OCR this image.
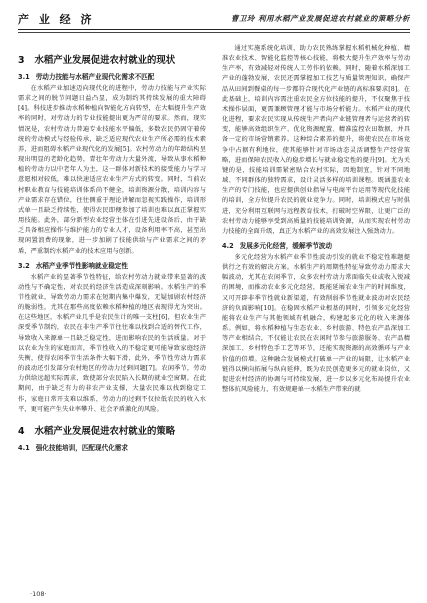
产 业 经 济	曹卫玲 利用水稻产业发展促进农村就业的策略分析
3 水稻产业发展促进农村就业的现状
3.1 劳动力技能与水稻产业现代化需求不匹配

在水稻产业加速迈向现代化的进程中，劳动力技能与产业实际需求之间的脱节问题日益凸显，成为制约其持续发展的重大障碍[4]。科技进步推动水稻种植向智能化方向转型，在大幅提升生产效率的同时，对劳动力的专业技能提出更为严苛的要求。然而，现实情况是，农村劳动力普遍专业技能水平偏低，多数农民仍固守着传统的劳动模式与经验传承，缺乏适应现代农业生产所必需的技术素养，进而阻碍水稻产业现代化的发展[5]。农村劳动力的年龄结构呈现出明显的老龄化趋势，青壮年劳动力大量外流，导致从事水稻种植的劳动力以中老年人为主，这一群体对新技术的接受能力与学习意愿相对较低，难以快速适应农业生产方式的转变。同时，当前农村职业教育与技能培训体系尚不健全，培训资源分散，培训内容与产业需求存在错位，往往侧重于理论讲解而忽视实践操作，培训形式单一且缺乏持续性，使得农民即便参加了培训也难以真正掌握实用技能。此外，部分新型农业经营主体在引进先进设备后，由于缺乏具备相应操作与维护能力的专业人才，设备利用率不高，甚至出现闲置浪费的现象，进一步加剧了技能供给与产业需求之间的矛盾，严重制约水稻产业的技术应用与创新。

3.2 水稻产业季节性影响就业稳定性

水稻产业的显著季节性特征，给农村劳动力就业带来显著的波动性与不确定性，对农民的经济生活造成深刻影响。水稻生产的季节性就业，导致劳动力需求在短期内集中爆发，无疑加剧农村经济的脆弱性，尤其在那些高度依赖水稻种植的地区表现得尤为突出。在这些地区，水稻产业几乎是农民生计的唯一支柱[6]，但农业生产深受季节制约，农民在非生产季节往往难以找到合适的替代工作，导致收入来源单一且缺乏稳定性，进而影响农民的生活质量。对于以农业为生的家庭而言，季节性收入的不稳定更可能导致家庭经济失衡，使得农闲季节生活条件大幅下滑，此外，季节性劳动力需求的波动还引发部分农村地区的劳动力过剩问题[7]。农闲季节，劳动力供给远超实际需求，致使部分农民陷入长期的就业空窗期。在此期间，由于缺乏有力的非农产业支撑，大量农民难以找到稳定工作，家庭日常开支难以维系，劳动力的过剩不仅拉低农民的收入水平，更可能产生失业率攀升、社会矛盾激化的风险。

4 水稻产业发展促进农村就业的策略
4.1 强化技能培训，匹配现代化需求

通过实施系统化培训，助力农民熟练掌握水稻机械化种植、精准农业技术、智能化监控等核心技能，将极大提升生产效率与劳动生产率，有效减轻对传统人工劳作的依赖。同时，随着水稻深加工产业的蓬勃发展，农民还需掌握加工技艺与质量管理知识，确保产品从田间到餐桌的每一步都符合现代化产业链的高标准要求[8]。在此基础上，培训内容需注重农民全方位技能的提升，不仅聚焦于技术操作层面，更需兼顾管理才能与市场分析能力。水稻产业的现代化进程，要求农民实现从传统生产者向产业链管理者与运营者的转变，能够高效组织生产、优化资源配置、精准监控农田数据，并具备一定的市场营销素养。这种综合素养的提升，将使农民在市场竞争中占据有利地位，使其能够针对市场动态灵活调整生产经营策略，进而保障农民收入的稳步增长与就业稳定性的提升[9]。尤为关键的是，技能培训需紧密贴合农村实际，因地制宜，针对不同地域、不同群体的独特需求，设计灵活多样的培训课程。既涵盖农业生产的专门技能，也应提供创业指导与电商平台运用等现代化技能的培训，全方位提升农民的就业竞争力。同时，培训模式应与时俱进，充分利用互联网与远程教育技术，打破时空界限，让更广泛的农村劳动力能够享受到高质量的技能培训资源，从而实现农村劳动力技能的全面升级，真正为水稻产业的高效发展注入强劲动力。

4.2 发展多元化经营，缓解季节波动

多元化经营为水稻产业季节性波动引发的就业不稳定性难题提供行之有效的解决方案。水稻生产的周期性特征导致劳动力需求大幅波动，尤其在农闲季节，众多农村劳动力常面临失业或收入锐减的困境，而推动农业多元化经营，既能延展农业生产的时间维度，又可开辟非季节性就业新渠道，有效削弱季节性就业波动对农民经济的负面影响[10]。在稳固水稻产业根基的同时，引领多元化经营能将农业生产与其他领域有机融合，构建起多元化的收入来源体系。例如，将水稻种植与生态农业、乡村旅游、特色农产品深加工等产业相结合，不仅能让农民在农闲时节参与旅游服务、农产品精深加工、乡村特色手工艺等环节，还能实现资源的高效循环与产业价值的倍增。这种融合发展模式打破单一产业的局限，让水稻产业链得以横向拓展与纵向延伸，既为农民创造更多元的就业岗位，又促进农村经济的协调与可持续发展，进一步以多元化布局提升农业整体抗风险能力，有效规避单一水稻生产带来的就

·108·
